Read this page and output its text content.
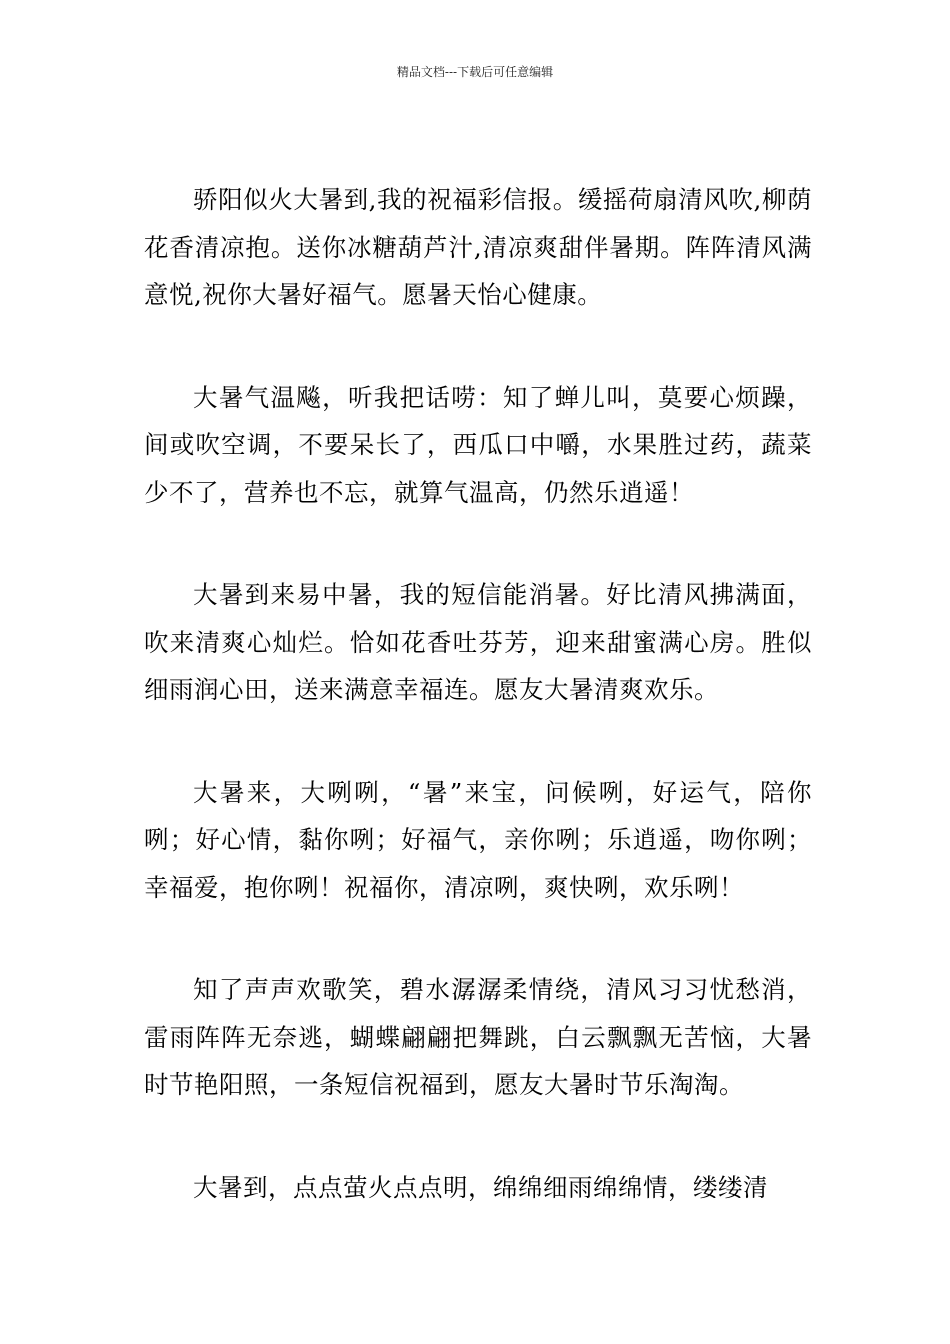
精品文档---下载后可任意编辑

骄阳似火大暑到,我的祝福彩信报。缓摇荷扇清风吹,柳荫花香清凉抱。送你冰糖葫芦汁,清凉爽甜伴暑期。阵阵清风满意悦,祝你大暑好福气。愿暑天怡心健康。

大暑气温飚，听我把话唠：知了蝉儿叫，莫要心烦躁，间或吹空调，不要呆长了，西瓜口中嚼，水果胜过药，蔬菜少不了，营养也不忘，就算气温高，仍然乐逍遥！

大暑到来易中暑，我的短信能消暑。好比清风拂满面，吹来清爽心灿烂。恰如花香吐芬芳，迎来甜蜜满心房。胜似细雨润心田，送来满意幸福连。愿友大暑清爽欢乐。

大暑来，大咧咧，“暑”来宝，问候咧，好运气，陪你咧；好心情，黏你咧；好福气，亲你咧；乐逍遥，吻你咧；幸福爱，抱你咧！祝福你，清凉咧，爽快咧，欢乐咧！

知了声声欢歌笑，碧水潺潺柔情绕，清风习习忧愁消，雷雨阵阵无奈逃，蝴蝶翩翩把舞跳，白云飘飘无苦恼，大暑时节艳阳照，一条短信祝福到，愿友大暑时节乐淘淘。

大暑到，点点萤火点点明，绵绵细雨绵绵情，缕缕清
